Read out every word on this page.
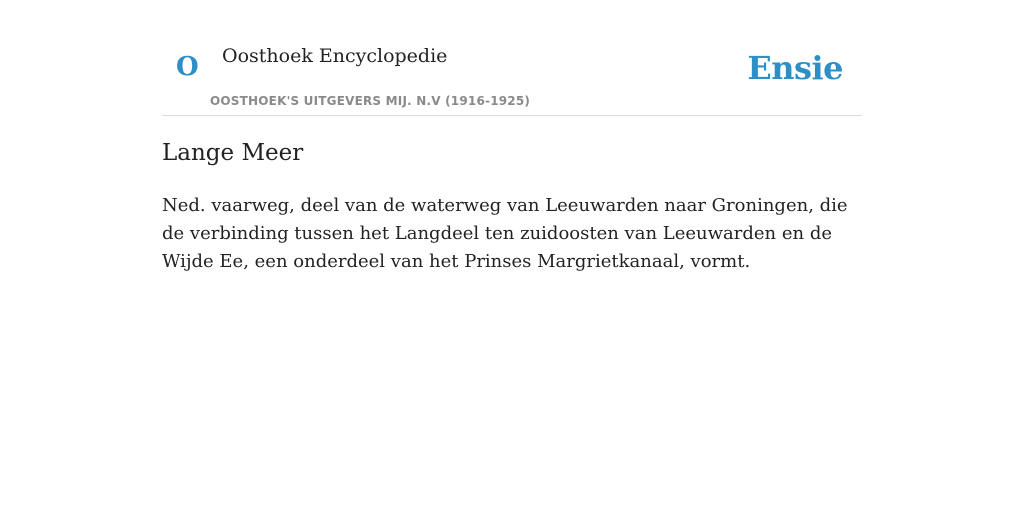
O Oosthoek Encyclopedie
OOSTHOEK'S UITGEVERS MIJ. N.V (1916-1925)
Ensie
Lange Meer

Ned. vaarweg, deel van de waterweg van Leeuwarden naar Groningen, die de verbinding tussen het Langdeel ten zuidoosten van Leeuwarden en de Wijde Ee, een onderdeel van het Prinses Margrietkanaal, vormt.
